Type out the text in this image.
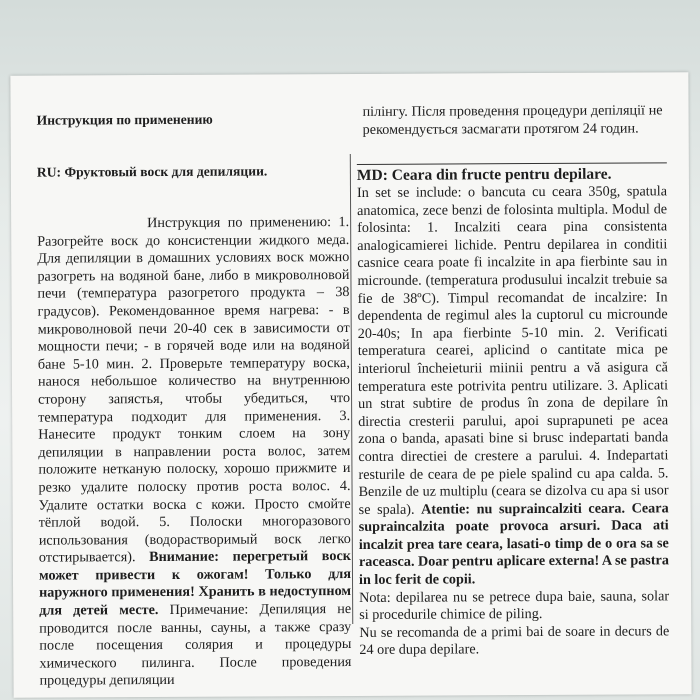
Инструкция по применению
RU: Фруктовый воск для депиляции.

Инструкция по применению: 1. Разогрейте воск до консистенции жидкого меда. Для депиляции в домашних условиях воск можно разогреть на водяной бане, либо в микроволновой печи (температура разогретого продукта – 38 градусов). Рекомендованное время нагрева: - в микроволновой печи 20-40 сек в зависимости от мощности печи; - в горячей воде или на водяной бане 5-10 мин. 2. Проверьте температуру воска, нанося небольшое количество на внутреннюю сторону запястья, чтобы убедиться, что температура подходит для применения. 3. Нанесите продукт тонким слоем на зону депиляции в направлении роста волос, затем положите нетканую полоску, хорошо прижмите и резко удалите полоску против роста волос. 4. Удалите остатки воска с кожи. Просто смойте тёплой водой. 5. Полоски многоразового использования (водорастворимый воск легко отстирывается). Внимание: перегретый воск может привести к ожогам! Только для наружного применения! Хранить в недоступном для детей месте. Примечание: Депиляция не проводится после ванны, сауны, а также сразу после посещения солярия и процедуры химического пилинга. После проведения процедуры депиляции

пілінгу. Після проведення процедури депіляції не рекомендується засмагати протягом 24 годин.

MD: Ceara din fructe pentru depilare.

In set se include: o bancuta cu ceara 350g, spatula anatomica, zece benzi de folosinta multipla. Modul de folosinta: 1. Incalziti ceara pina consistenta analogicamierei lichide. Pentru depilarea in conditii casnice ceara poate fi incalzite in apa fierbinte sau in microunde. (temperatura produsului incalzit trebuie sa fie de 38ºC). Timpul recomandat de incalzire: In dependenta de regimul ales la cuptorul cu microunde 20-40s; In apa fierbinte 5-10 min. 2. Verificati temperatura cearei, aplicind o cantitate mica pe interiorul încheieturii miinii pentru a vă asigura că temperatura este potrivita pentru utilizare. 3. Aplicati un strat subtire de produs în zona de depilare în directia cresterii parului, apoi suprapuneti pe acea zona o banda, apasati bine si brusc indepartati banda contra directiei de crestere a parului. 4. Indepartati resturile de ceara de pe piele spalind cu apa calda. 5. Benzile de uz multiplu (ceara se dizolva cu apa si usor se spala). Atentie: nu supraincalziti ceara. Ceara supraincalzita poate provoca arsuri. Daca ati incalzit prea tare ceara, lasati-o timp de o ora sa se raceasca. Doar pentru aplicare externa! A se pastra in loc ferit de copii.

Nota: depilarea nu se petrece dupa baie, sauna, solar si procedurile chimice de piling.

Nu se recomanda de a primi bai de soare in decurs de 24 ore dupa depilare.
